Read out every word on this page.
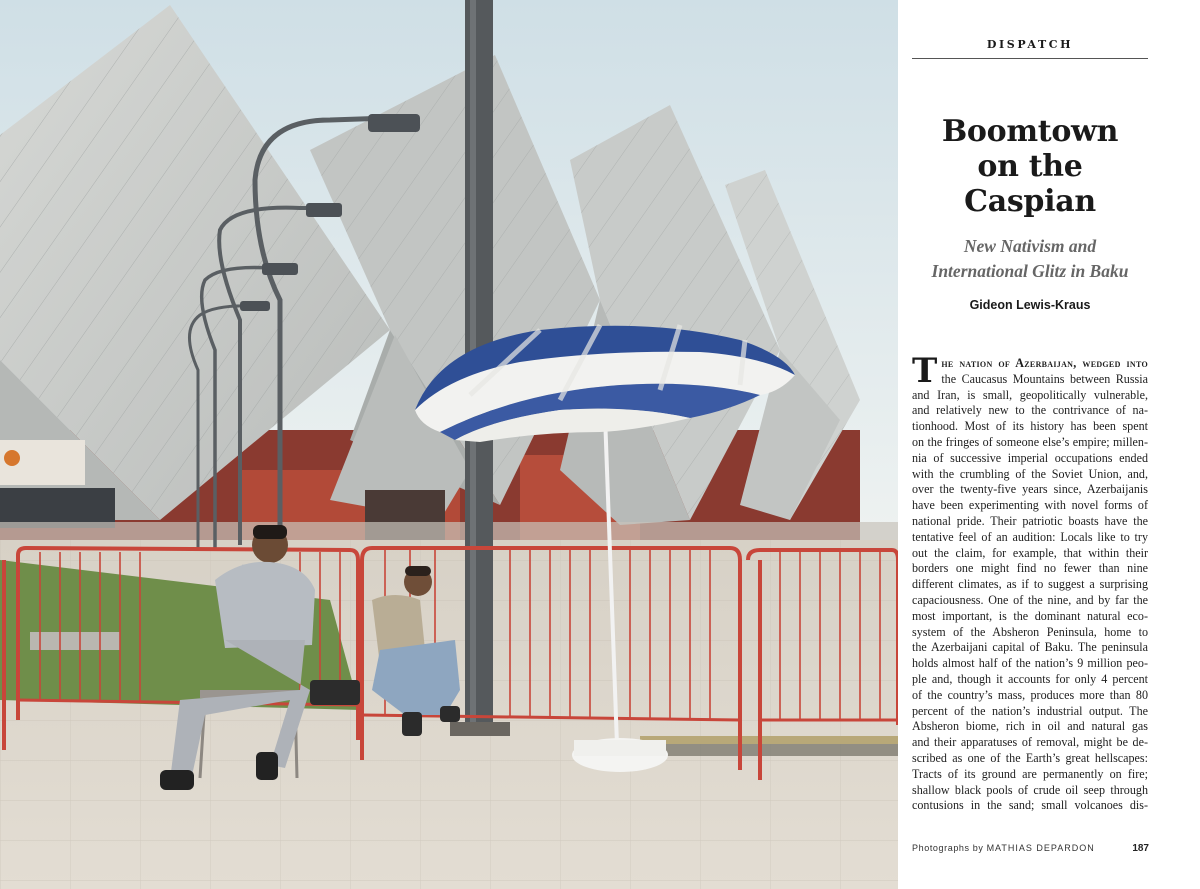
DISPATCH
Boomtown
on the
Caspian
New Nativism and
International Glitz in Baku
Gideon Lewis-Kraus
T he nation of Azerbaijan, wedged into
the Caucasus Mountains between Russia
and Iran, is small, geopolitically vulnerable,
and relatively new to the contrivance of na-
tionhood. Most of its history has been spent
on the fringes of someone else’s empire; millen-
nia of successive imperial occupations ended
with the crumbling of the Soviet Union, and,
over the twenty-five years since, Azerbaijanis
have been experimenting with novel forms of
national pride. Their patriotic boasts have the
tentative feel of an audition: Locals like to try
out the claim, for example, that within their
borders one might find no fewer than nine
different climates, as if to suggest a surprising
capaciousness. One of the nine, and by far the
most important, is the dominant natural eco-
system of the Absheron Peninsula, home to
the Azerbaijani capital of Baku. The peninsula
holds almost half of the nation’s 9 million peo-
ple and, though it accounts for only 4 percent
of the country’s mass, produces more than 80
percent of the nation’s industrial output. The
Absheron biome, rich in oil and natural gas
and their apparatuses of removal, might be de-
scribed as one of the Earth’s great hellscapes:
Tracts of its ground are permanently on fire;
shallow black pools of crude oil seep through
contusions in the sand; small volcanoes dis-
Photographs by MATHIAS DEPARDON	187
